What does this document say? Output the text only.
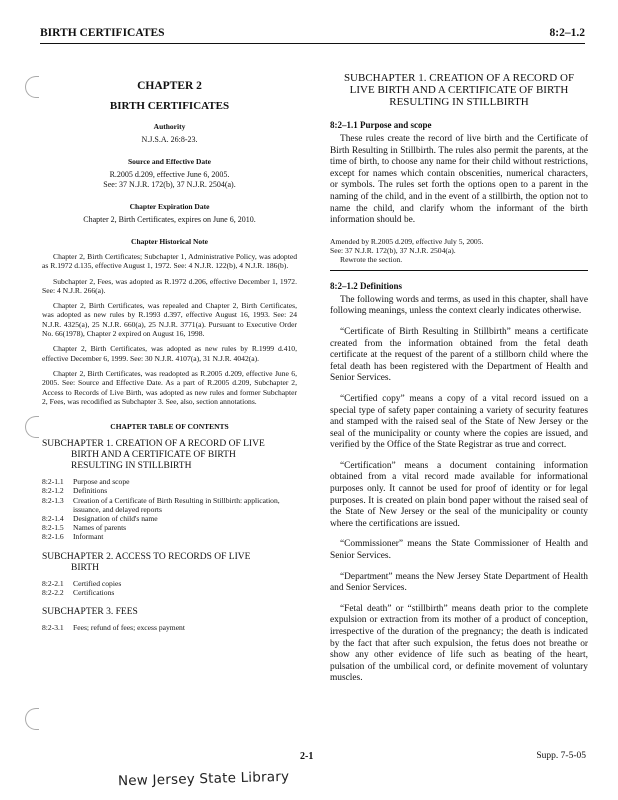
BIRTH CERTIFICATES	8:2–1.2
CHAPTER 2
BIRTH CERTIFICATES
Authority
N.J.S.A. 26:8-23.
Source and Effective Date
R.2005 d.209, effective June 6, 2005.
See: 37 N.J.R. 172(b), 37 N.J.R. 2504(a).
Chapter Expiration Date
Chapter 2, Birth Certificates, expires on June 6, 2010.
Chapter Historical Note
Chapter 2, Birth Certificates; Subchapter 1, Administrative Policy, was adopted as R.1972 d.135, effective August 1, 1972. See: 4 N.J.R. 122(b), 4 N.J.R. 186(b).
Subchapter 2, Fees, was adopted as R.1972 d.206, effective December 1, 1972. See: 4 N.J.R. 266(a).
Chapter 2, Birth Certificates, was repealed and Chapter 2, Birth Certificates, was adopted as new rules by R.1993 d.397, effective August 16, 1993. See: 24 N.J.R. 4325(a), 25 N.J.R. 660(a), 25 N.J.R. 3771(a). Pursuant to Executive Order No. 66(1978), Chapter 2 expired on August 16, 1998.
Chapter 2, Birth Certificates, was adopted as new rules by R.1999 d.410, effective December 6, 1999. See: 30 N.J.R. 4107(a), 31 N.J.R. 4042(a).
Chapter 2, Birth Certificates, was readopted as R.2005 d.209, effective June 6, 2005. See: Source and Effective Date. As a part of R.2005 d.209, Subchapter 2, Access to Records of Live Birth, was adopted as new rules and former Subchapter 2, Fees, was recodified as Subchapter 3. See, also, section annotations.
CHAPTER TABLE OF CONTENTS
SUBCHAPTER 1. CREATION OF A RECORD OF LIVE
BIRTH AND A CERTIFICATE OF BIRTH
RESULTING IN STILLBIRTH
8:2-1.1	Purpose and scope
8:2-1.2	Definitions
8:2-1.3	Creation of a Certificate of Birth Resulting in Stillbirth: application, issuance, and delayed reports
8:2-1.4	Designation of child's name
8:2-1.5	Names of parents
8:2-1.6	Informant
SUBCHAPTER 2. ACCESS TO RECORDS OF LIVE
BIRTH
8:2-2.1	Certified copies
8:2-2.2	Certifications
SUBCHAPTER 3. FEES
8:2-3.1	Fees; refund of fees; excess payment
SUBCHAPTER 1. CREATION OF A RECORD OF
LIVE BIRTH AND A CERTIFICATE OF BIRTH
RESULTING IN STILLBIRTH
8:2–1.1 Purpose and scope
These rules create the record of live birth and the Certificate of Birth Resulting in Stillbirth. The rules also permit the parents, at the time of birth, to choose any name for their child without restrictions, except for names which contain obscenities, numerical characters, or symbols. The rules set forth the options open to a parent in the naming of the child, and in the event of a stillbirth, the option not to name the child, and clarify whom the informant of the birth information should be.
Amended by R.2005 d.209, effective July 5, 2005.
See: 37 N.J.R. 172(b), 37 N.J.R. 2504(a).
Rewrote the section.
8:2–1.2 Definitions
The following words and terms, as used in this chapter, shall have following meanings, unless the context clearly indicates otherwise.
“Certificate of Birth Resulting in Stillbirth” means a certificate created from the information obtained from the fetal death certificate at the request of the parent of a stillborn child where the fetal death has been registered with the Department of Health and Senior Services.
“Certified copy” means a copy of a vital record issued on a special type of safety paper containing a variety of security features and stamped with the raised seal of the State of New Jersey or the seal of the municipality or county where the copies are issued, and verified by the Office of the State Registrar as true and correct.
“Certification” means a document containing information obtained from a vital record made available for informational purposes only. It cannot be used for proof of identity or for legal purposes. It is created on plain bond paper without the raised seal of the State of New Jersey or the seal of the municipality or county where the certifications are issued.
“Commissioner” means the State Commissioner of Health and Senior Services.
“Department” means the New Jersey State Department of Health and Senior Services.
“Fetal death” or “stillbirth” means death prior to the complete expulsion or extraction from its mother of a product of conception, irrespective of the duration of the pregnancy; the death is indicated by the fact that after such expulsion, the fetus does not breathe or show any other evidence of life such as beating of the heart, pulsation of the umbilical cord, or definite movement of voluntary muscles.
2-1	Supp. 7-5-05
New Jersey State Library
